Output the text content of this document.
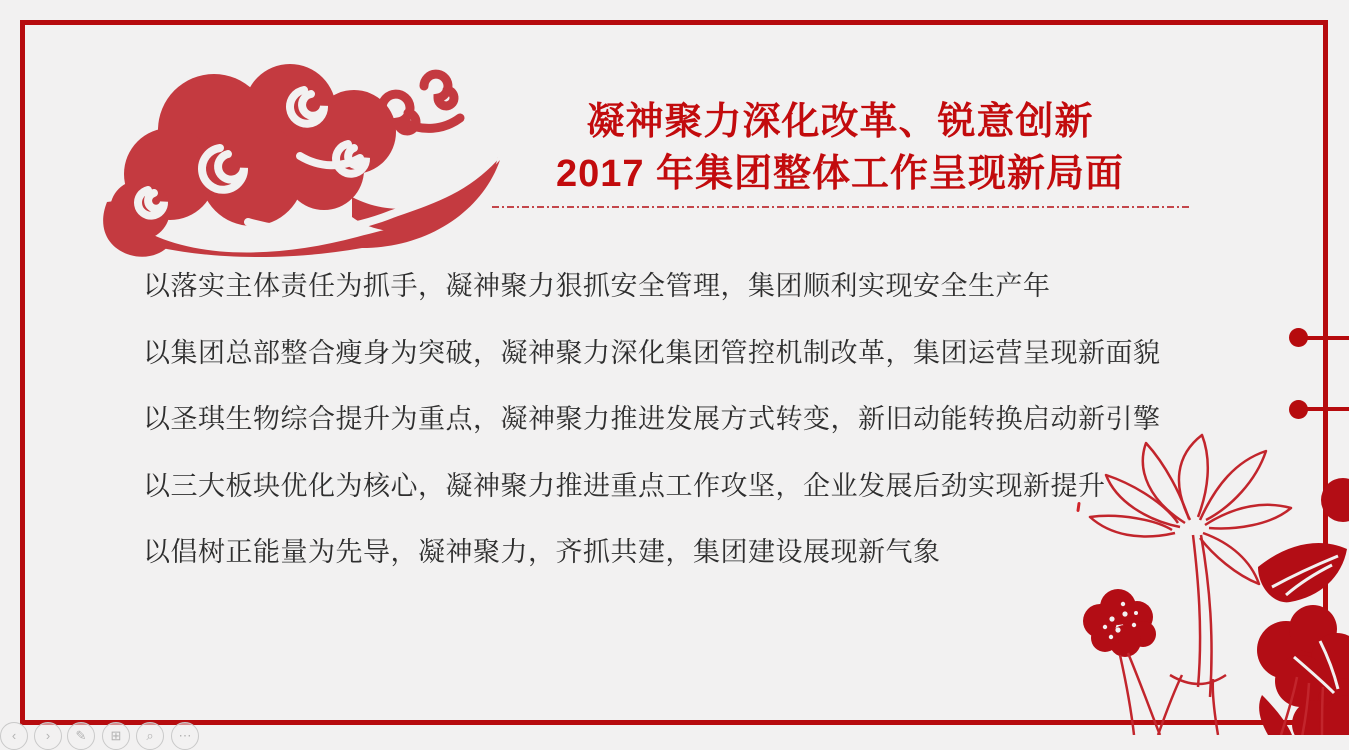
凝神聚力深化改革、锐意创新
2017 年集团整体工作呈现新局面

以落实主体责任为抓手，凝神聚力狠抓安全管理，集团顺利实现安全生产年

以集团总部整合瘦身为突破，凝神聚力深化集团管控机制改革，集团运营呈现新面貌

以圣琪生物综合提升为重点，凝神聚力推进发展方式转变，新旧动能转换启动新引擎

以三大板块优化为核心，凝神聚力推进重点工作攻坚，企业发展后劲实现新提升

以倡树正能量为先导，凝神聚力，齐抓共建，集团建设展现新气象

‹	›	✎	⊞	⌕	⋯
